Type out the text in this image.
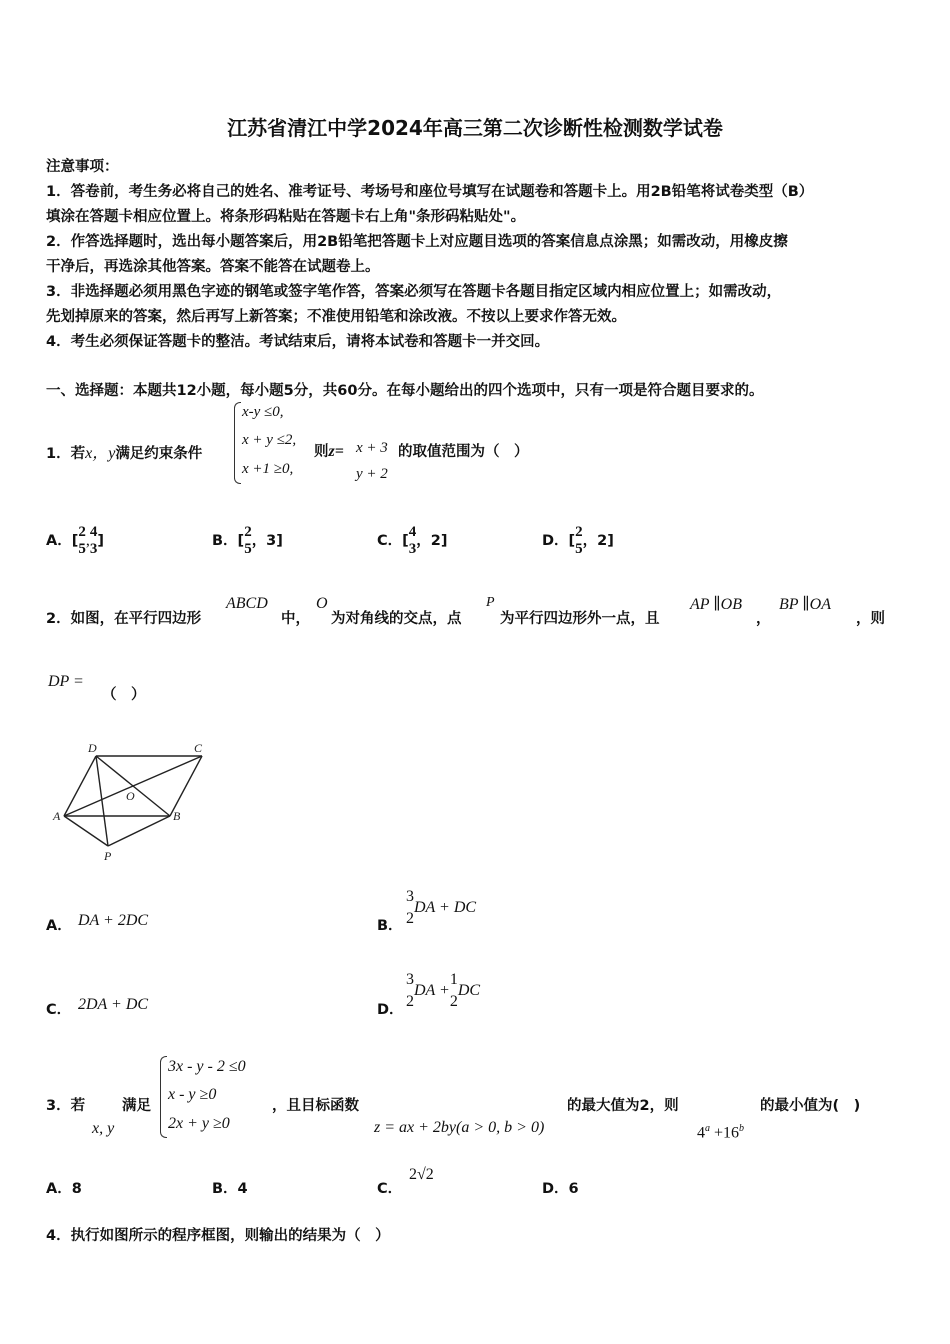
江苏省清江中学2024年高三第二次诊断性检测数学试卷
注意事项：
1．答卷前，考生务必将自己的姓名、准考证号、考场号和座位号填写在试题卷和答题卡上。用2B铅笔将试卷类型（B）
填涂在答题卡相应位置上。将条形码粘贴在答题卡右上角"条形码粘贴处"。
2．作答选择题时，选出每小题答案后，用2B铅笔把答题卡上对应题目选项的答案信息点涂黑；如需改动，用橡皮擦
干净后，再选涂其他答案。答案不能答在试题卷上。
3．非选择题必须用黑色字迹的钢笔或签字笔作答，答案必须写在答题卡各题目指定区域内相应位置上；如需改动，
先划掉原来的答案，然后再写上新答案；不准使用铅笔和涂改液。不按以上要求作答无效。
4．考生必须保证答题卡的整洁。考试结束后，请将本试卷和答题卡一并交回。
一、选择题：本题共12小题，每小题5分，共60分。在每小题给出的四个选项中，只有一项是符合题目要求的。
1．若x，y满足约束条件
x-y ≤0,
x + y ≤2,
x +1 ≥0,
则z= x + 3
y + 2
的取值范围为（　）
A．[
2
5 , 4
3 ]	B．[
2
5 ，3]	C．[
4
3 ，2]	D．[
2
5 ，2]
2．如图，在平行四边形
ABCD
中，
O
为对角线的交点，点
P
为平行四边形外一点，且
AP ∥OB
，
BP ∥OA
，则
DP =
（　）
D	C
A	B
O
P
A． DA + 2DC	B．
3
2
DA + DC
C． 2DA + DC	D．
3
2
DA +
1
2
DC
3．若
x, y
满足
3x - y - 2 ≤0
x - y ≥0
2x + y ≥0
，且目标函数
z = ax + 2by(a > 0, b > 0)
的最大值为2，则
$4^a +16^b$
的最小值为(　)
A．8	B．4	C．
2√2
D．6
4．执行如图所示的程序框图，则输出的结果为（　）
